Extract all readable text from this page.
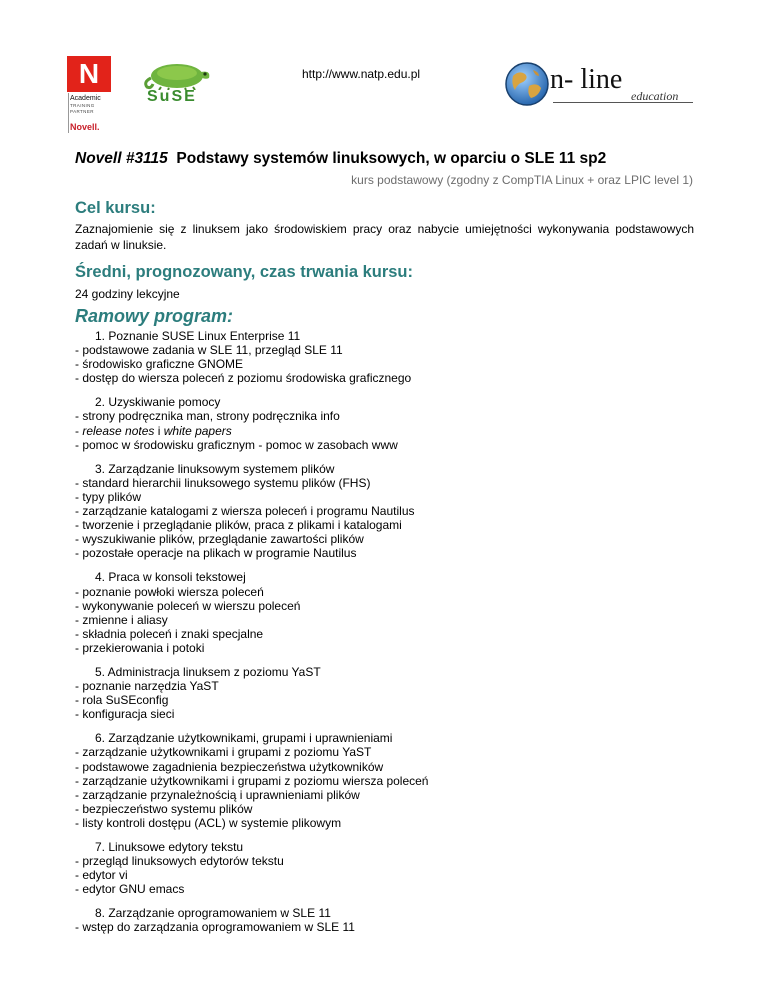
N
Academic
TRAINING
PARTNER
Novell.
SuSE
http://www.natp.edu.pl	n- line
education
Novell #3115 Podstawy systemów linuksowych, w oparciu o SLE 11 sp2
kurs podstawowy (zgodny z CompTIA Linux + oraz LPIC level 1)
Cel kursu:
Zaznajomienie się z linuksem jako środowiskiem pracy oraz nabycie umiejętności wykonywania podstawowych zadań w linuksie.
Średni, prognozowany, czas trwania kursu:
24 godziny lekcyjne
Ramowy program:
1. Poznanie SUSE Linux Enterprise 11
- podstawowe zadania w SLE 11, przegląd SLE 11
- środowisko graficzne GNOME
- dostęp do wiersza poleceń z poziomu środowiska graficznego
2. Uzyskiwanie pomocy
- strony podręcznika man, strony podręcznika info
- release notes i white papers
- pomoc w środowisku graficznym - pomoc w zasobach www
3. Zarządzanie linuksowym systemem plików
- standard hierarchii linuksowego systemu plików (FHS)
- typy plików
- zarządzanie katalogami z wiersza poleceń i programu Nautilus
- tworzenie i przeglądanie plików, praca z plikami i katalogami
- wyszukiwanie plików, przeglądanie zawartości plików
- pozostałe operacje na plikach w programie Nautilus
4. Praca w konsoli tekstowej
- poznanie powłoki wiersza poleceń
- wykonywanie poleceń w wierszu poleceń
- zmienne i aliasy
- składnia poleceń i znaki specjalne
- przekierowania i potoki
5. Administracja linuksem z poziomu YaST
- poznanie narzędzia YaST
- rola SuSEconfig
- konfiguracja sieci
6. Zarządzanie użytkownikami, grupami i uprawnieniami
- zarządzanie użytkownikami i grupami z poziomu YaST
- podstawowe zagadnienia bezpieczeństwa użytkowników
- zarządzanie użytkownikami i grupami z poziomu wiersza poleceń
- zarządzanie przynależnością i uprawnieniami plików
- bezpieczeństwo systemu plików
- listy kontroli dostępu (ACL) w systemie plikowym
7. Linuksowe edytory tekstu
- przegląd linuksowych edytorów tekstu
- edytor vi
- edytor GNU emacs
8. Zarządzanie oprogramowaniem w SLE 11
- wstęp do zarządzania oprogramowaniem w SLE 11
